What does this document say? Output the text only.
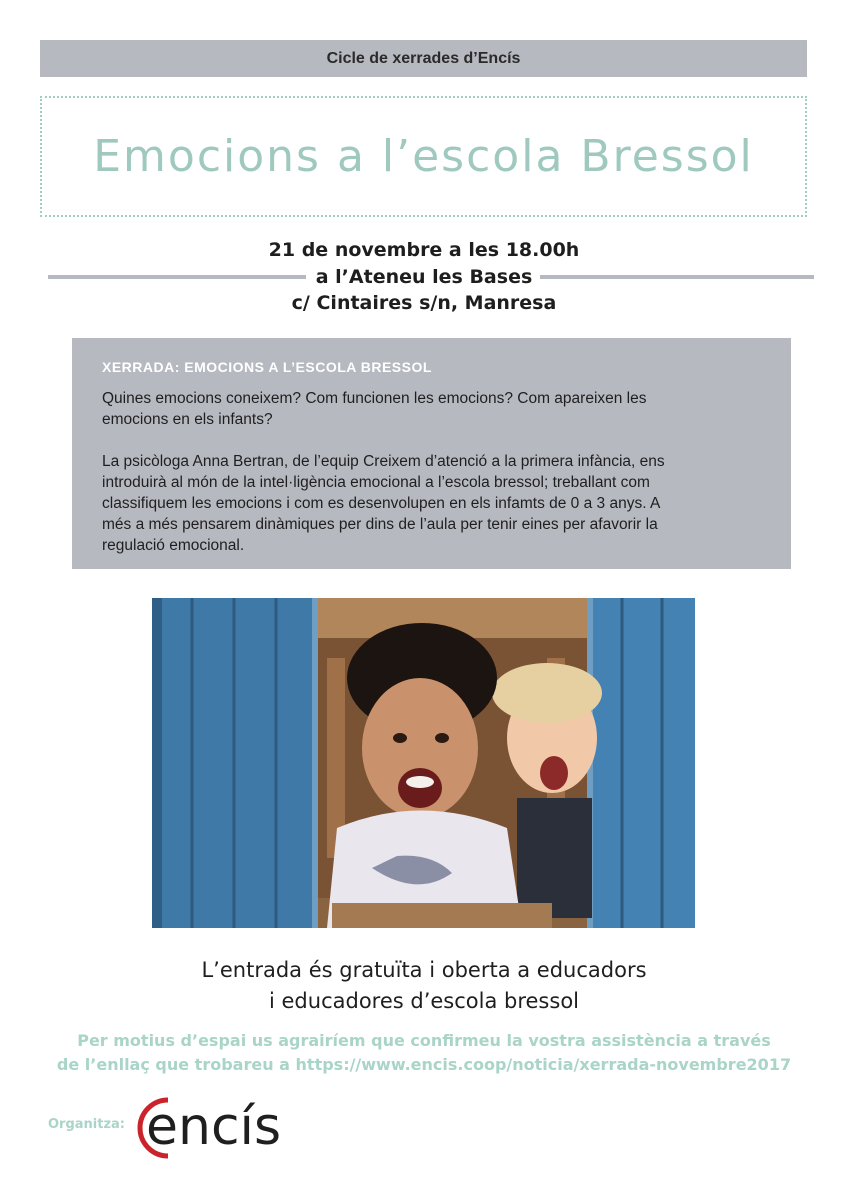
Cicle de xerrades d’Encís
Emocions a l’escola Bressol
21 de novembre a les 18.00h
a l’Ateneu les Bases
c/ Cintaires s/n, Manresa
XERRADA: EMOCIONS A L’ESCOLA BRESSOL
Quines emocions coneixem? Com funcionen les emocions? Com apareixen les
emocions en els infants?
La psicòloga Anna Bertran, de l’equip Creixem d’atenció a la primera infància, ens
introduirà al món de la intel·ligència emocional a l’escola bressol; treballant com
classifiquem les emocions i com es desenvolupen en els infamts de 0 a 3 anys. A
més a més pensarem dinàmiques per dins de l’aula per tenir eines per afavorir la
regulació emocional.
L’entrada és gratuïta i oberta a educadors
i educadores d’escola bressol
Per motius d’espai us agrairíem que confirmeu la vostra assistència a través
de l’enllaç que trobareu a https://www.encis.coop/noticia/xerrada-novembre2017
Organitza: encís
